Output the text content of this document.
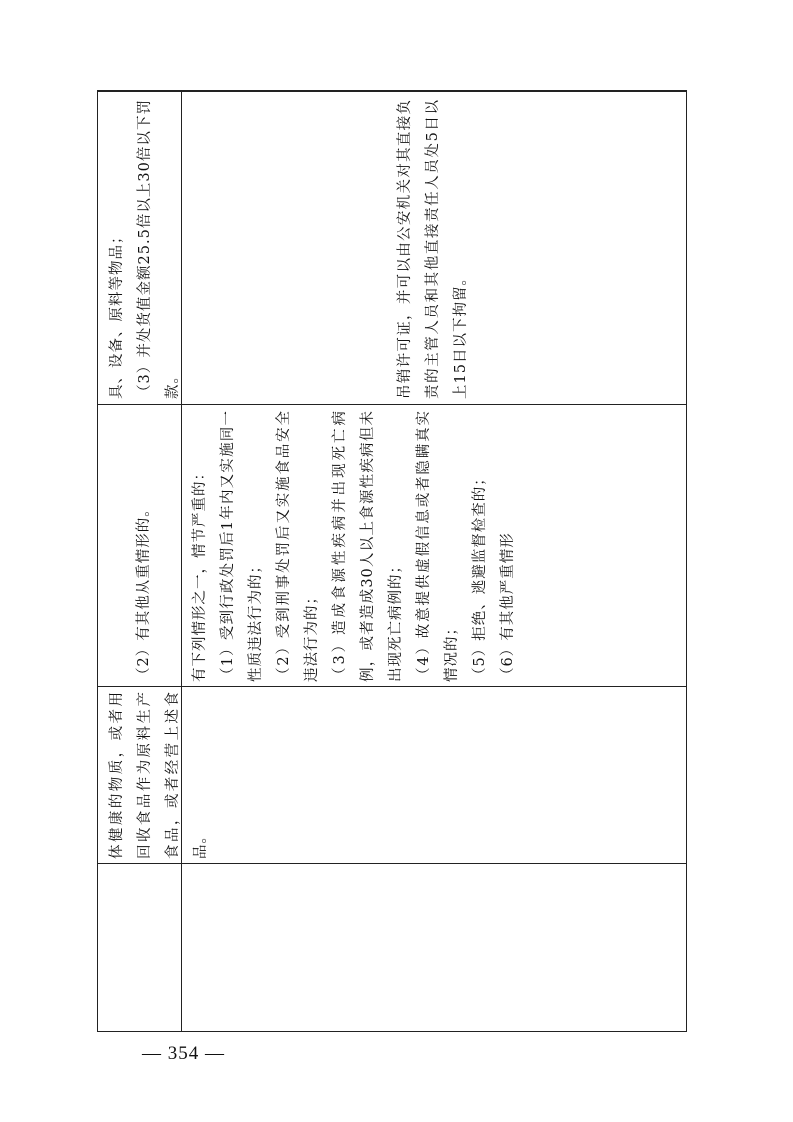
具、设备、原料等物品；
（3）并处货值金额25.5倍以上30倍以下罚款。	吊销许可证，并可以由公安机关对其直接负责的主管人员和其他直接责任人员处5日以上15日以下拘留。

（2）有其他从重情形的。	有下列情形之一，情节严重的：
（1）受到行政处罚后1年内又实施同一性质违法行为的；
（2）受到刑事处罚后又实施食品安全违法行为的；
（3）造成食源性疾病并出现死亡病例，或者造成30人以上食源性疾病但未出现死亡病例的；
（4）故意提供虚假信息或者隐瞒真实情况的；
（5）拒绝、逃避监督检查的；
（6）有其他严重情形

体健康的物质，或者用回收食品作为原料生产食品，或者经营上述食品。

— 354 —
